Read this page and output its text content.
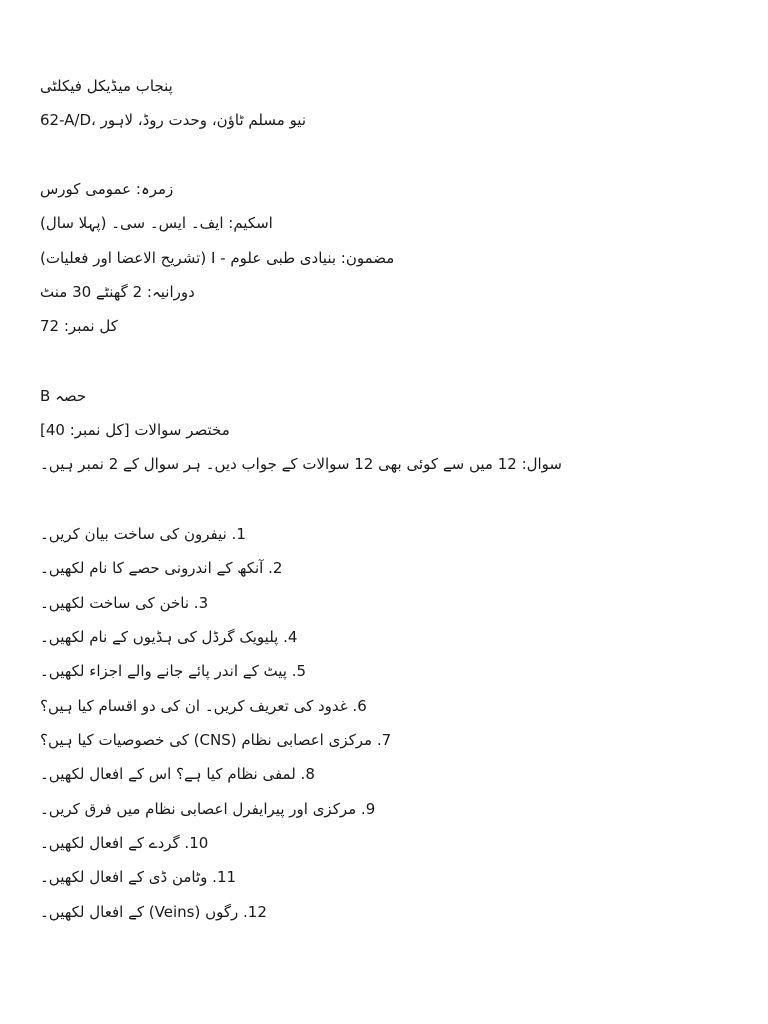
پنجاب میڈیکل فیکلٹی
62-A/D، نیو مسلم ٹاؤن، وحدت روڈ، لاہور
زمرہ: عمومی کورس
اسکیم: ایف۔ ایس۔ سی۔ (پہلا سال)
مضمون: بنیادی طبی علوم - I (تشریح الاعضا اور فعلیات)
دورانیہ: 2 گھنٹے 30 منٹ
کل نمبر: 72
حصہ B
مختصر سوالات [کل نمبر: 40]
سوال: 12 میں سے کوئی بھی 12 سوالات کے جواب دیں۔ ہر سوال کے 2 نمبر ہیں۔
1. نیفرون کی ساخت بیان کریں۔
2. آنکھ کے اندرونی حصے کا نام لکھیں۔
3. ناخن کی ساخت لکھیں۔
4. پلیویک گرڈل کی ہڈیوں کے نام لکھیں۔
5. پیٹ کے اندر پائے جانے والے اجزاء لکھیں۔
6. غدود کی تعریف کریں۔ ان کی دو اقسام کیا ہیں؟
7. مرکزی اعصابی نظام (CNS) کی خصوصیات کیا ہیں؟
8. لمفی نظام کیا ہے؟ اس کے افعال لکھیں۔
9. مرکزی اور پیرایفرل اعصابی نظام میں فرق کریں۔
10. گردے کے افعال لکھیں۔
11. وٹامن ڈی کے افعال لکھیں۔
12. رگوں (Veins) کے افعال لکھیں۔
